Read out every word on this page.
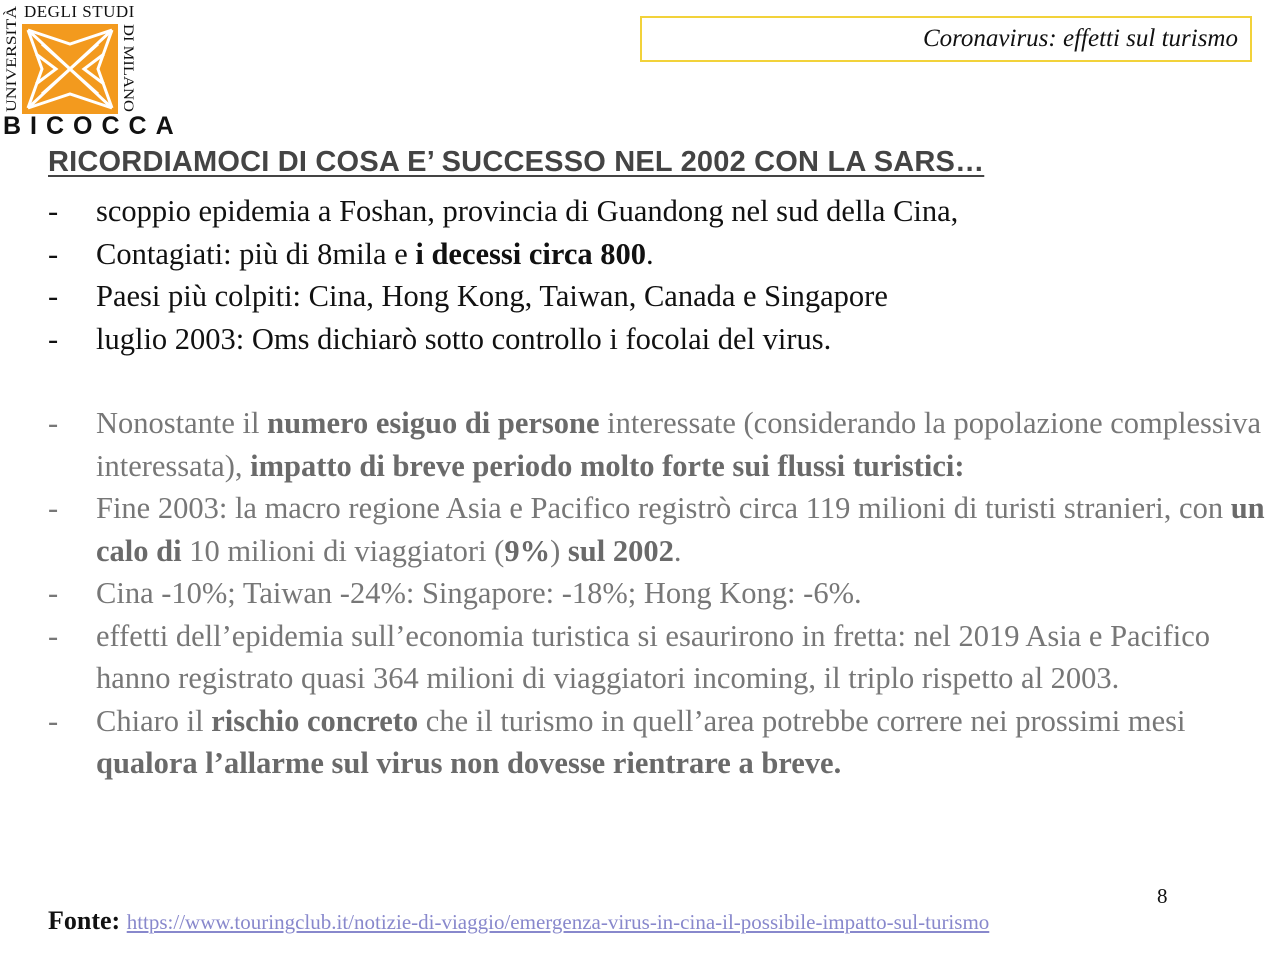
DEGLI STUDI
UNIVERSITÀ	DI MILANO
BICOCCA
Coronavirus: effetti sul turismo
RICORDIAMOCI DI COSA E’ SUCCESSO NEL 2002 CON LA SARS…
- scoppio epidemia a Foshan, provincia di Guandong nel sud della Cina,
- Contagiati: più di 8mila e i decessi circa 800.
- Paesi più colpiti: Cina, Hong Kong, Taiwan, Canada e Singapore
- luglio 2003: Oms dichiarò sotto controllo i focolai del virus.
- Nonostante il numero esiguo di persone interessate (considerando la popolazione complessiva interessata), impatto di breve periodo molto forte sui flussi turistici:
- Fine 2003: la macro regione Asia e Pacifico registrò circa 119 milioni di turisti stranieri, con un calo di 10 milioni di viaggiatori (9%) sul 2002.
- Cina -10%; Taiwan -24%: Singapore: -18%; Hong Kong: -6%.
- effetti dell’epidemia sull’economia turistica si esaurirono in fretta: nel 2019 Asia e Pacifico hanno registrato quasi 364 milioni di viaggiatori incoming, il triplo rispetto al 2003.
- Chiaro il rischio concreto che il turismo in quell’area potrebbe correre nei prossimi mesi qualora l’allarme sul virus non dovesse rientrare a breve.
8
Fonte: https://www.touringclub.it/notizie-di-viaggio/emergenza-virus-in-cina-il-possibile-impatto-sul-turismo
